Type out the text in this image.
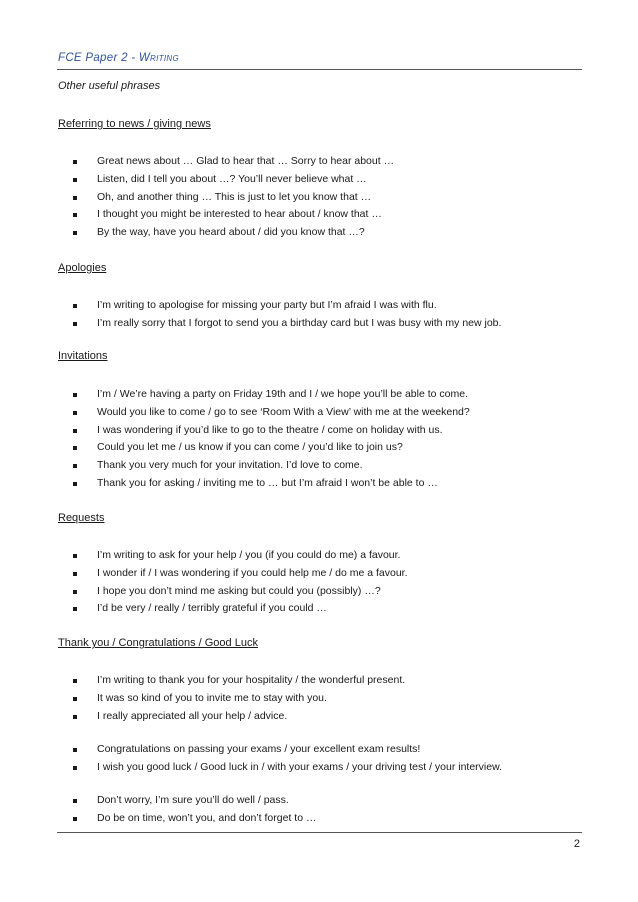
FCE Paper 2 - Writing
Other useful phrases
Referring to news / giving news
Great news about … Glad to hear that … Sorry to hear about …
Listen, did I tell you about …? You’ll never believe what …
Oh, and another thing … This is just to let you know that …
I thought you might be interested to hear about / know that …
By the way, have you heard about / did you know that …?
Apologies
I’m writing to apologise for missing your party but I’m afraid I was with flu.
I’m really sorry that I forgot to send you a birthday card but I was busy with my new job.
Invitations
I’m / We’re having a party on Friday 19th and I / we hope you’ll be able to come.
Would you like to come / go to see ‘Room With a View’ with me at the weekend?
I was wondering if you’d like to go to the theatre / come on holiday with us.
Could you let me / us know if you can come / you’d like to join us?
Thank you very much for your invitation. I’d love to come.
Thank you for asking / inviting me to … but I’m afraid I won’t be able to …
Requests
I’m writing to ask for your help / you (if you could do me) a favour.
I wonder if / I was wondering if you could help me / do me a favour.
I hope you don’t mind me asking but could you (possibly) …?
I’d be very / really / terribly grateful if you could …
Thank you / Congratulations / Good Luck
I’m writing to thank you for your hospitality / the wonderful present.
It was so kind of you to invite me to stay with you.
I really appreciated all your help / advice.
Congratulations on passing your exams / your excellent exam results!
I wish you good luck / Good luck in / with your exams / your driving test / your interview.
Don’t worry, I’m sure you’ll do well / pass.
Do be on time, won’t you, and don’t forget to …
2
